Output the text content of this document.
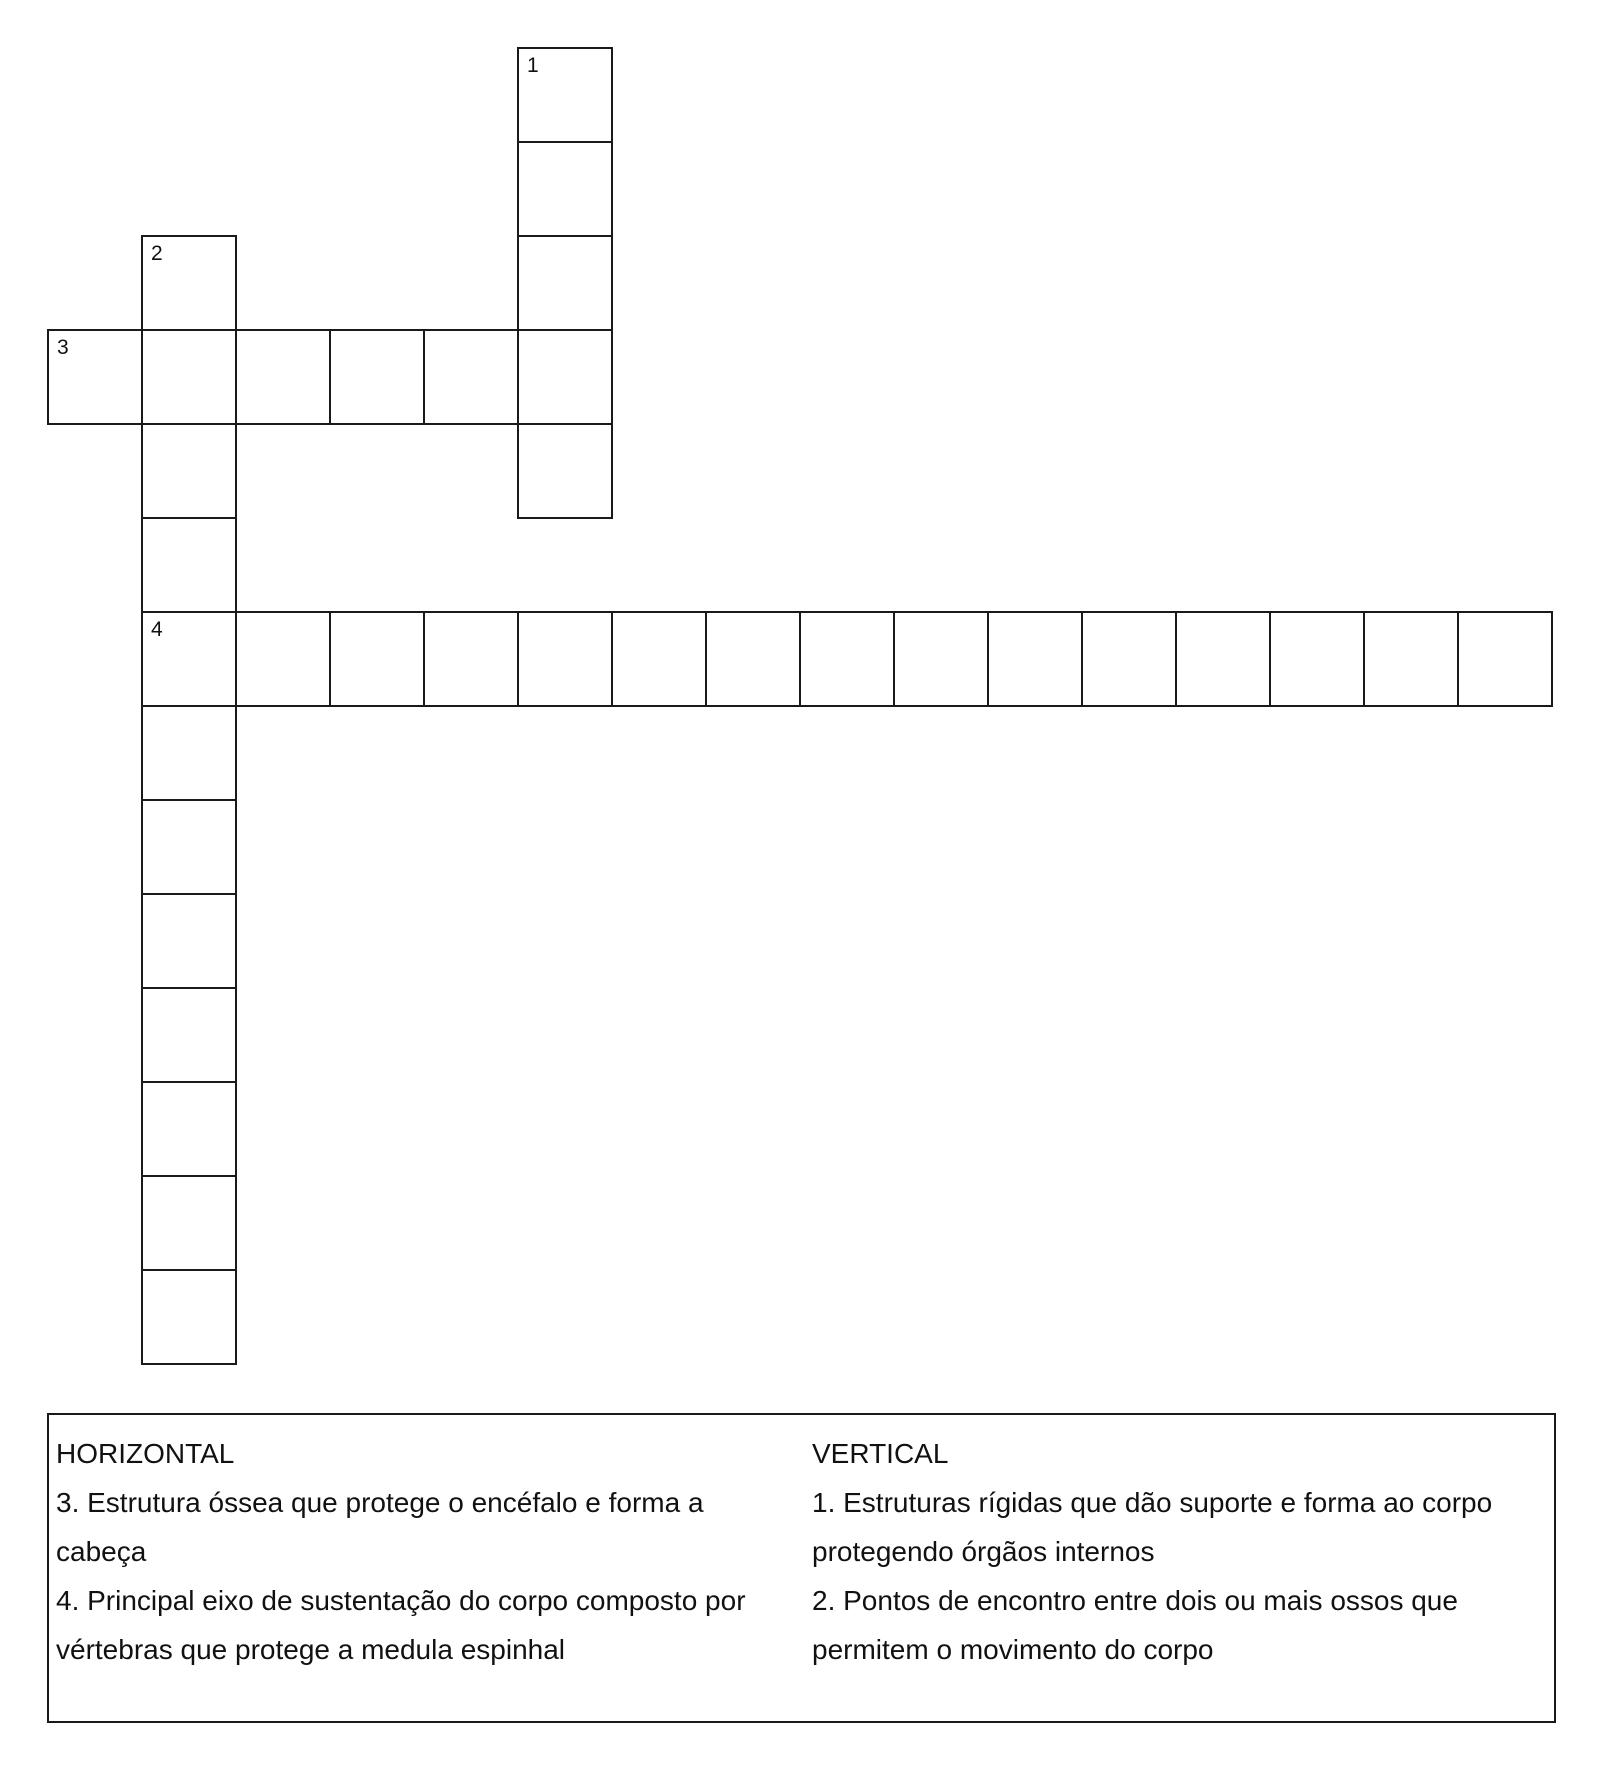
1
2
4
3
HORIZONTAL
3. Estrutura óssea que protege o encéfalo e forma a cabeça
4. Principal eixo de sustentação do corpo composto por vértebras que protege a medula espinhal
VERTICAL
1. Estruturas rígidas que dão suporte e forma ao corpo protegendo órgãos internos
2. Pontos de encontro entre dois ou mais ossos que permitem o movimento do corpo
